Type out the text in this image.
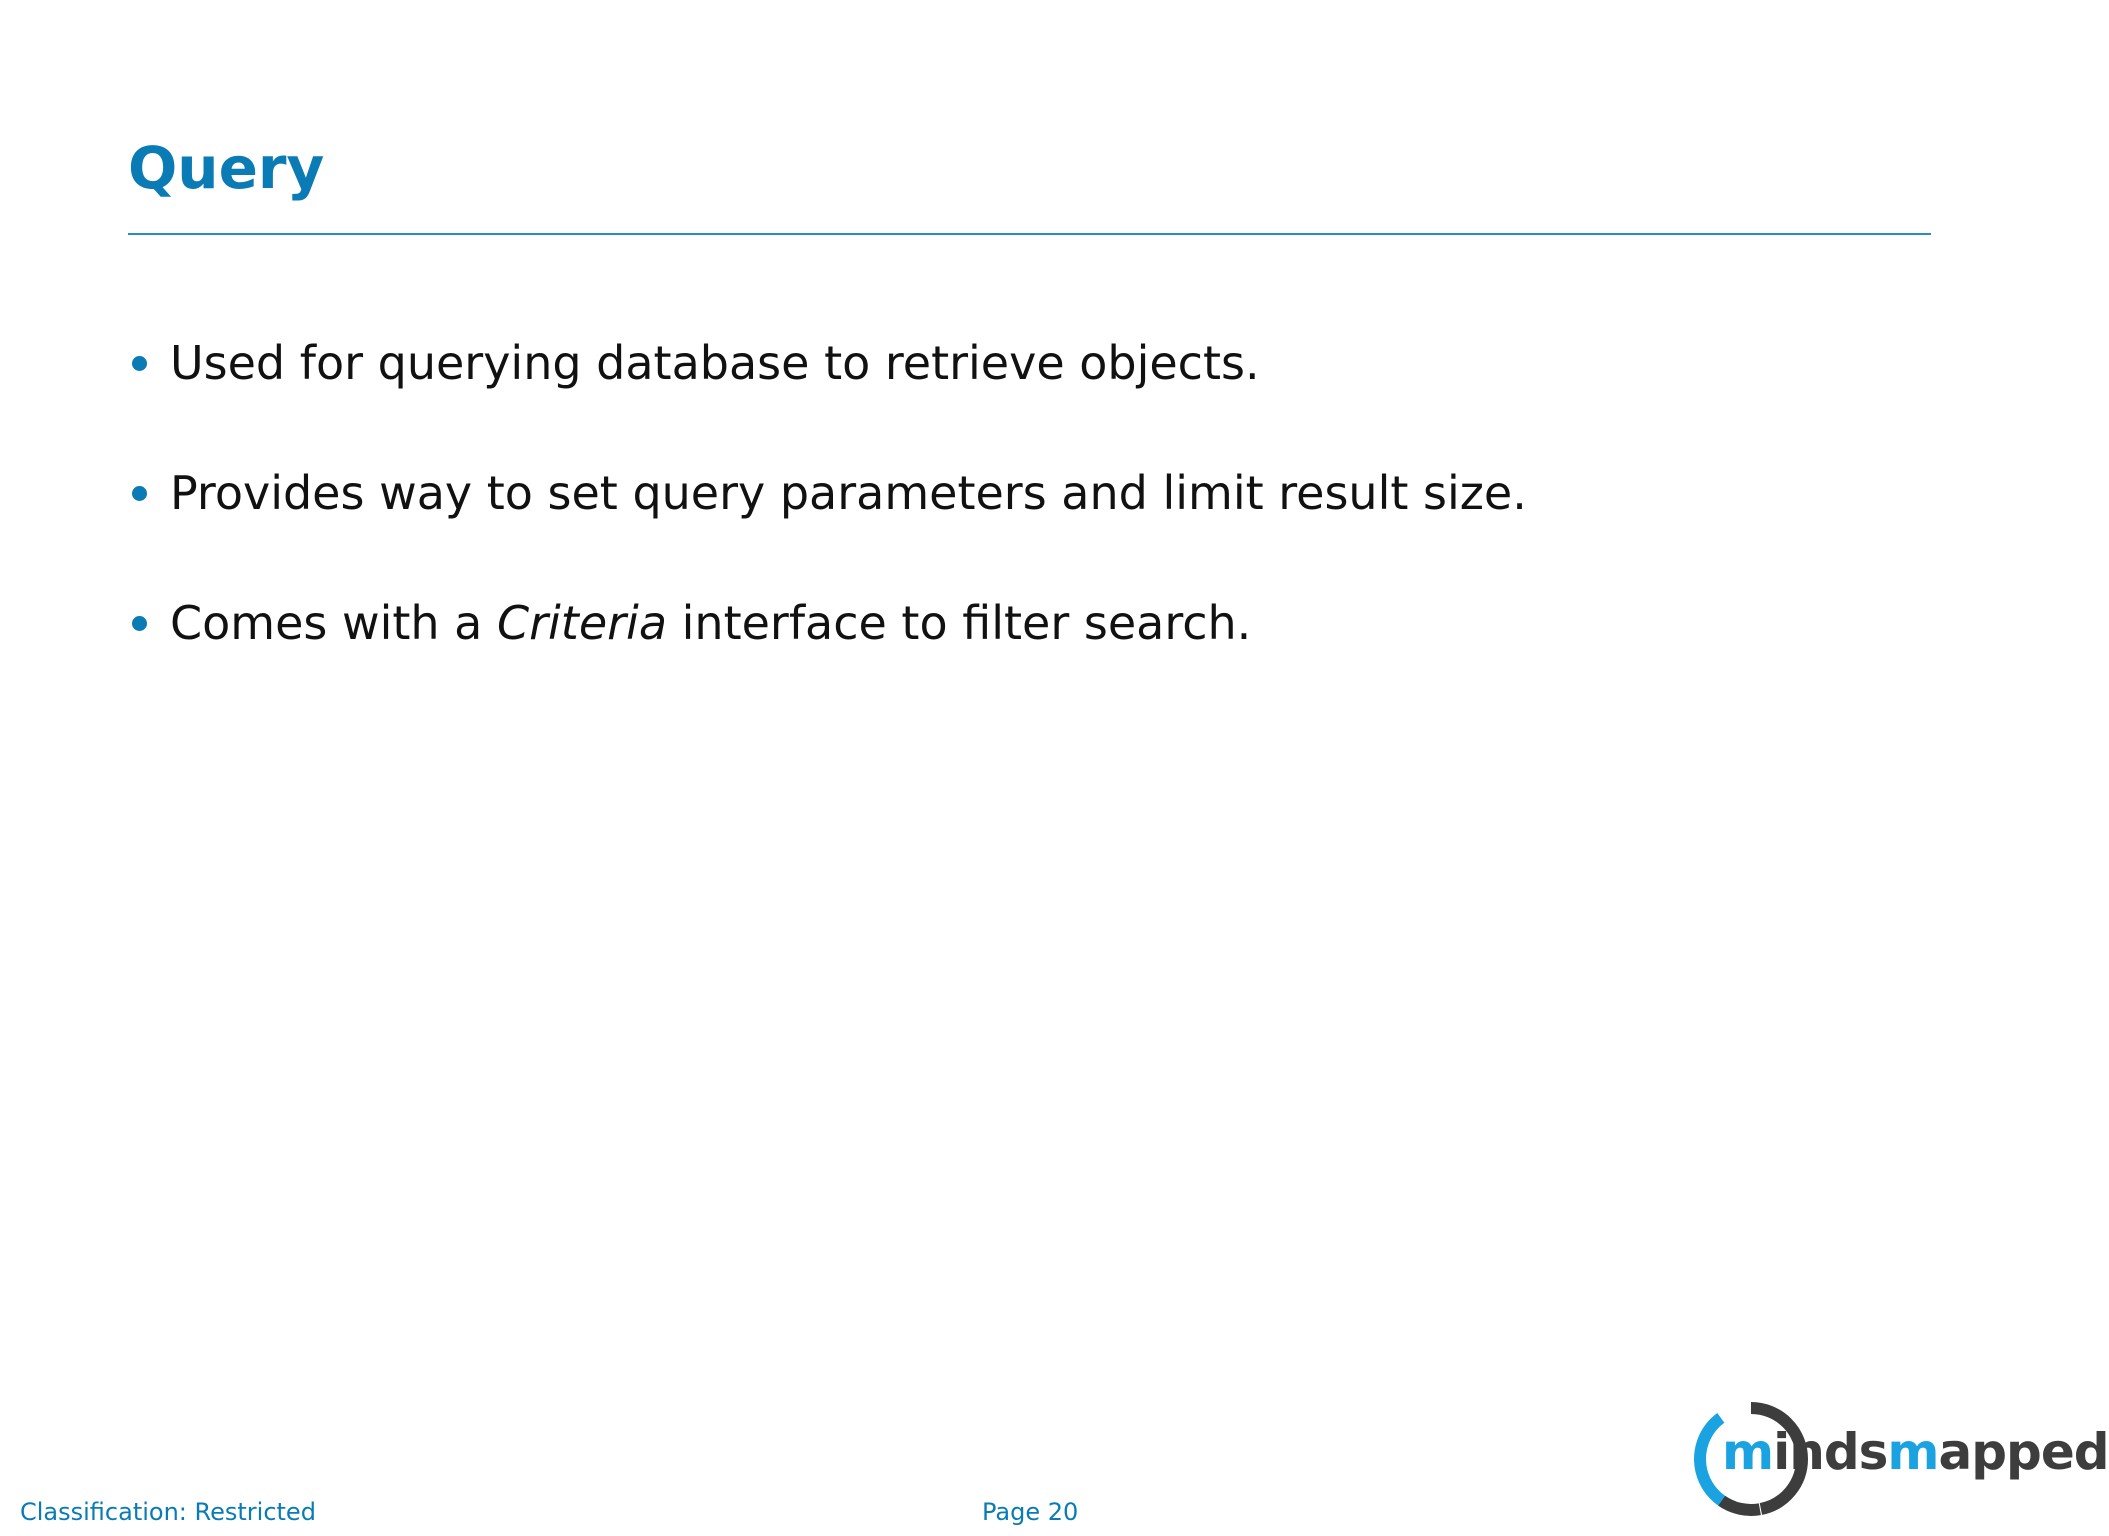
Query
Used for querying database to retrieve objects.
Provides way to set query parameters and limit result size.
Comes with a Criteria interface to filter search.
Classification: Restricted	Page 20
mindsmapped
